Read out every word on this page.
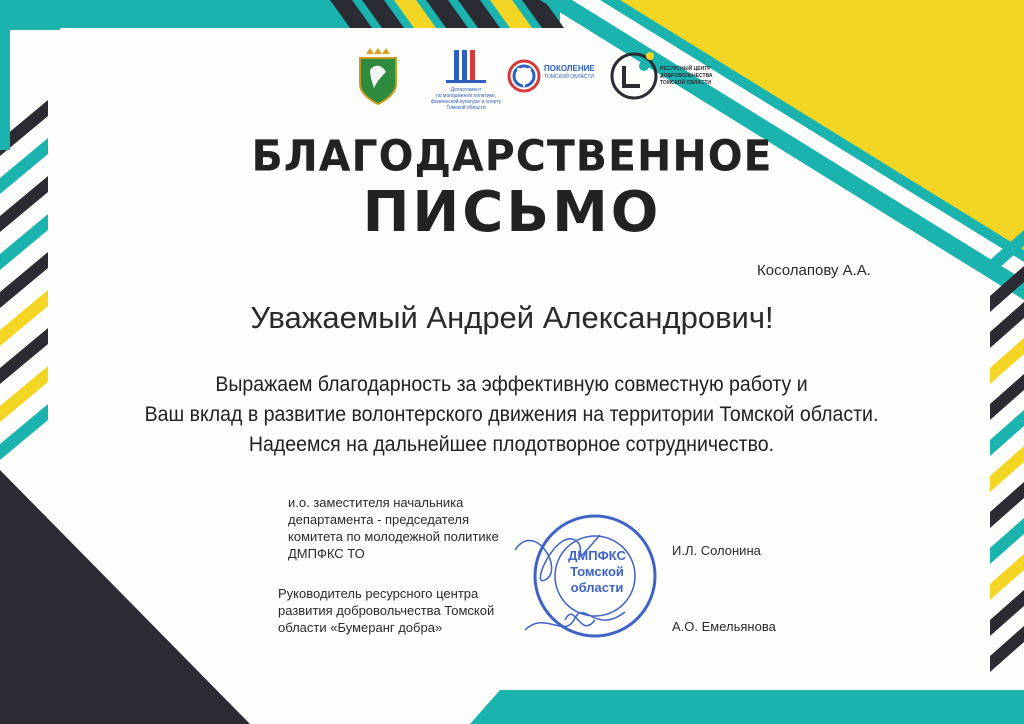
Департамент
по молодежной политике,
физической культуре и спорту
Томской области
ПОКОЛЕНИЕ
ТОМСКОЙ ОБЛАСТИ
РЕСУРСНЫЙ ЦЕНТР
ДОБРОВОЛЬЧЕСТВА
ТОМСКОЙ ОБЛАСТИ
БЛАГОДАРСТВЕННОЕ
ПИСЬМО
Косолапову А.А.

Уважаемый Андрей Александрович!

Выражаем благодарность за эффективную совместную работу и
Ваш вклад в развитие волонтерского движения на территории Томской области.
Надеемся на дальнейшее плодотворное сотрудничество.

и.о. заместителя начальника
департамента - председателя
комитета по молодежной политике
ДМПФКС ТО	И.Л. Солонина
Руководитель ресурсного центра
развития добровольчества Томской
области «Бумеранг добра»	А.О. Емельянова
ДМПФКС
Томской
области
